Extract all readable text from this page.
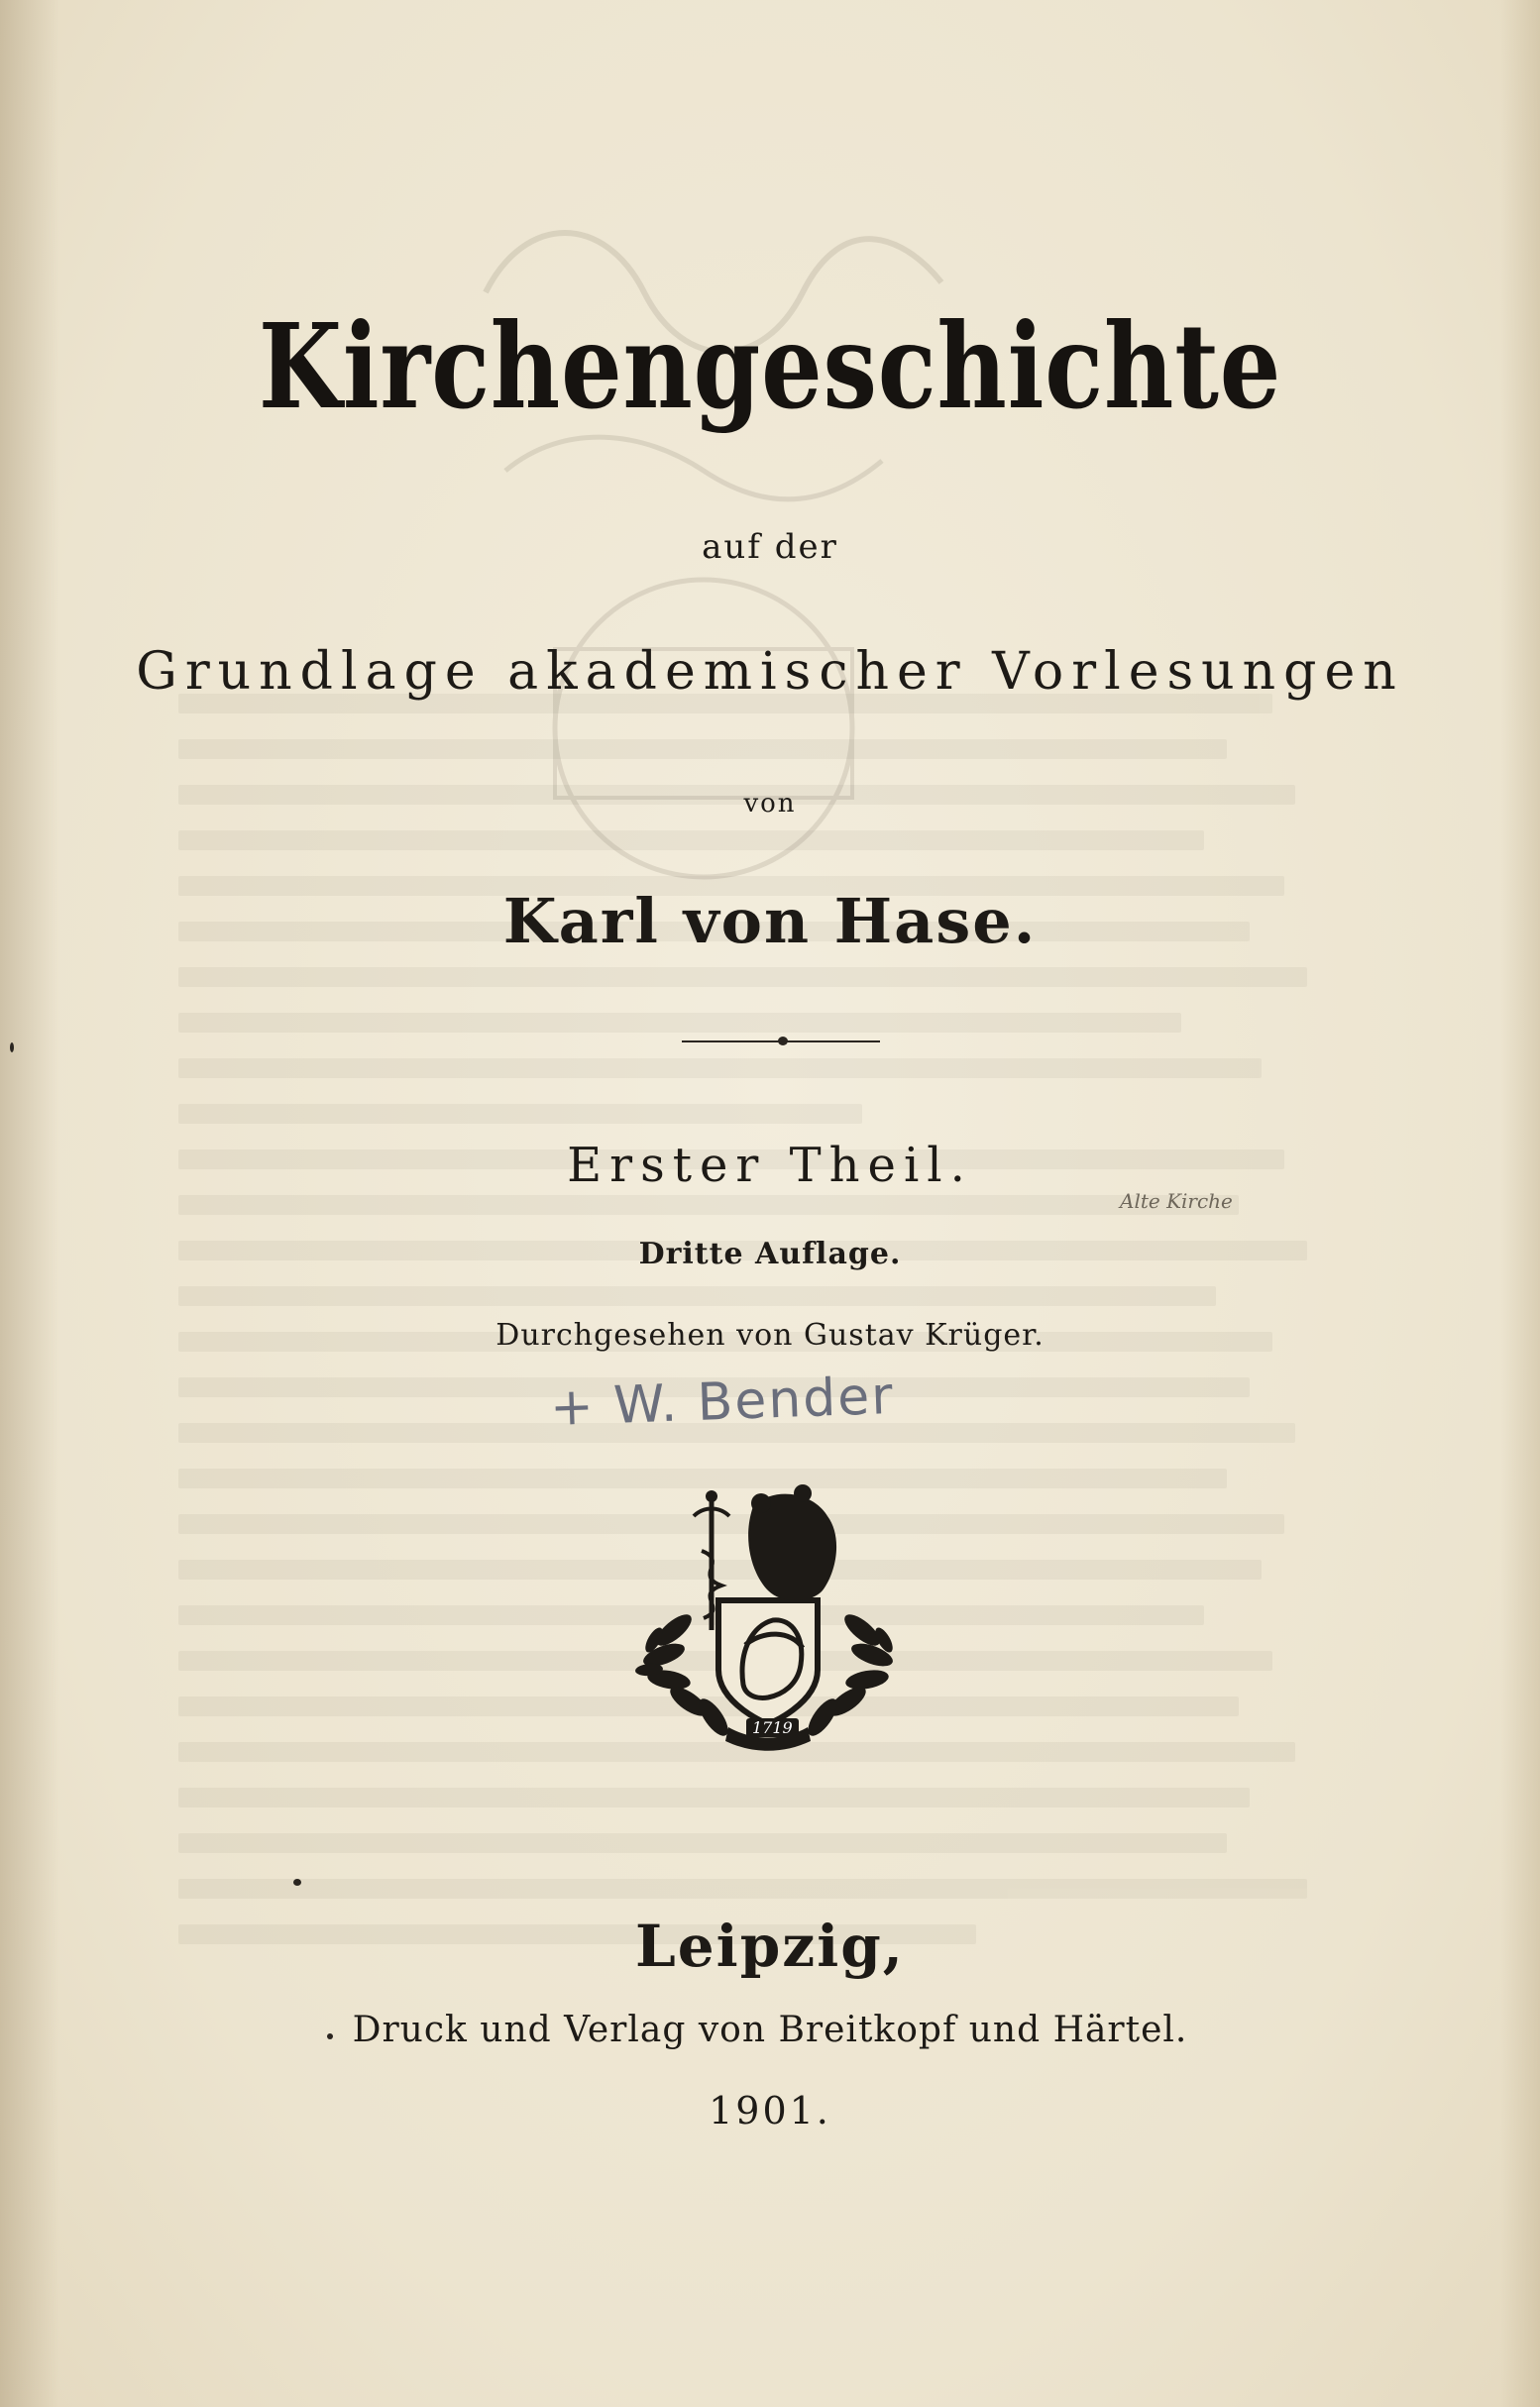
Kirchengeschichte
auf der
Grundlage akademischer Vorlesungen
von
Karl von Hase.
Erster Theil.
Alte Kirche
Dritte Auflage.
Durchgesehen von Gustav Krüger.
+ W. Bender
1719
Leipzig,
Druck und Verlag von Breitkopf und Härtel.
1901.
